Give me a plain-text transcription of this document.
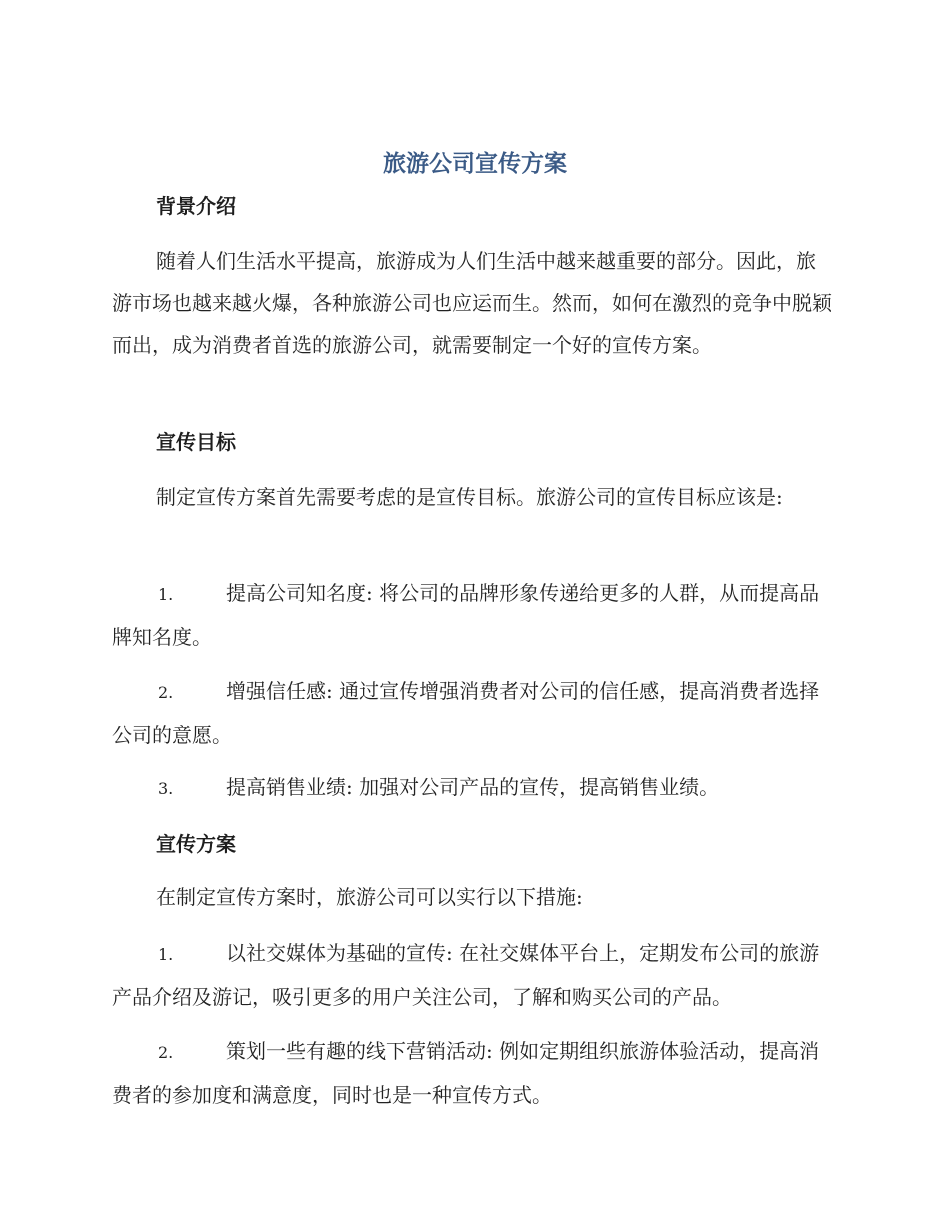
旅游公司宣传方案
背景介绍
随着人们生活水平提高，旅游成为人们生活中越来越重要的部分。因此，旅游市场也越来越火爆，各种旅游公司也应运而生。然而，如何在激烈的竞争中脱颖而出，成为消费者首选的旅游公司，就需要制定一个好的宣传方案。
宣传目标
制定宣传方案首先需要考虑的是宣传目标。旅游公司的宣传目标应该是:
1.	提高公司知名度: 将公司的品牌形象传递给更多的人群，从而提高品牌知名度。
2.	增强信任感: 通过宣传增强消费者对公司的信任感，提高消费者选择公司的意愿。
3.	提高销售业绩: 加强对公司产品的宣传，提高销售业绩。
宣传方案
在制定宣传方案时，旅游公司可以实行以下措施:
1.	以社交媒体为基础的宣传: 在社交媒体平台上，定期发布公司的旅游产品介绍及游记，吸引更多的用户关注公司，了解和购买公司的产品。
2.	策划一些有趣的线下营销活动: 例如定期组织旅游体验活动，提高消费者的参加度和满意度，同时也是一种宣传方式。
